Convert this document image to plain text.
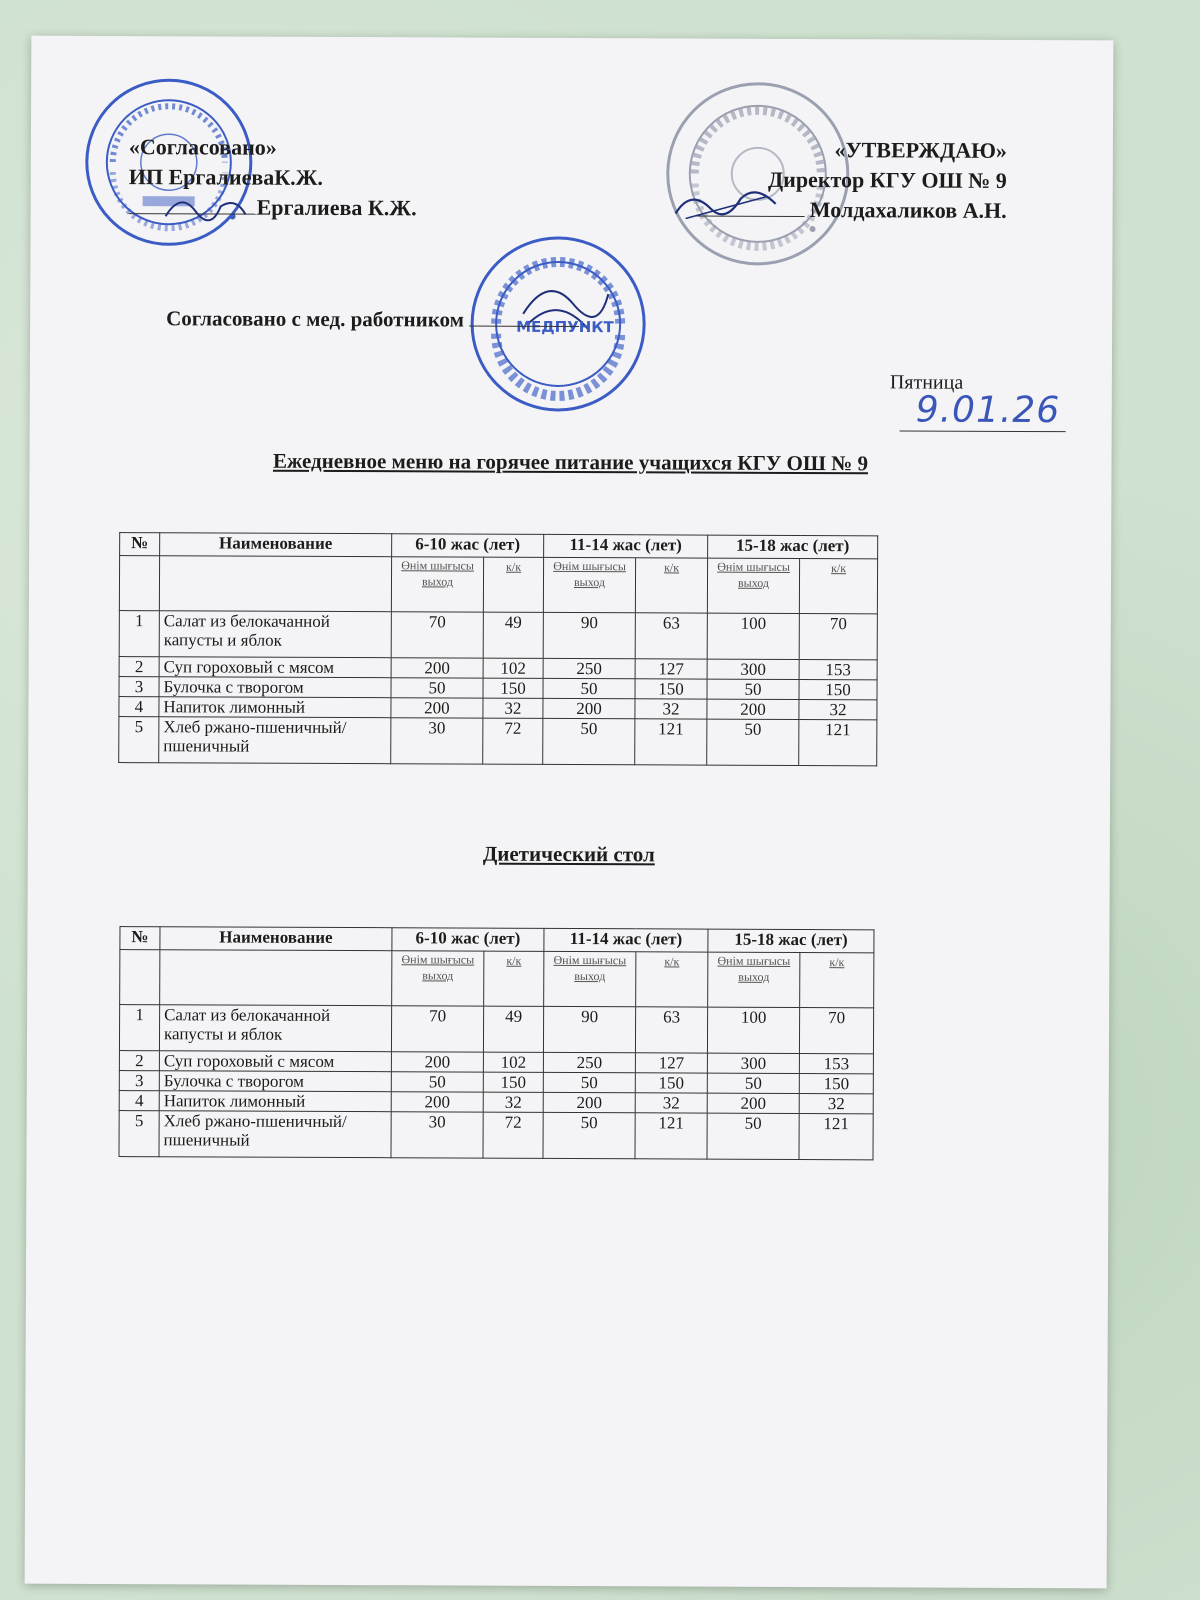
МЕДПУНКТ
«Согласовано»
ИП ЕргалиеваК.Ж.
Ергалиева К.Ж.
«УТВЕРЖДАЮ»
Директор КГУ ОШ № 9
Молдахаликов А.Н.
Согласовано с мед. работником
Пятница
9.01.26
Ежедневное меню на горячее питание учащихся КГУ ОШ № 9
№	Наименование	6-10 жас (лет)		11-14 жас (лет)		15-18 жас (лет)	
		Өнім шығысы выход	к/к	Өнім шығысы выход	к/к	Өнім шығысы выход	к/к
1	Салат из белокачанной капусты и яблок	70	49	90	63	100	70
2	Суп гороховый с мясом	200	102	250	127	300	153
3	Булочка с творогом	50	150	50	150	50	150
4	Напиток лимонный	200	32	200	32	200	32
5	Хлеб ржано-пшеничный/пшеничный	30	72	50	121	50	121
Диетический стол
№	Наименование	6-10 жас (лет)		11-14 жас (лет)		15-18 жас (лет)	
		Өнім шығысы выход	к/к	Өнім шығысы выход	к/к	Өнім шығысы выход	к/к
1	Салат из белокачанной капусты и яблок	70	49	90	63	100	70
2	Суп гороховый с мясом	200	102	250	127	300	153
3	Булочка с творогом	50	150	50	150	50	150
4	Напиток лимонный	200	32	200	32	200	32
5	Хлеб ржано-пшеничный/пшеничный	30	72	50	121	50	121
